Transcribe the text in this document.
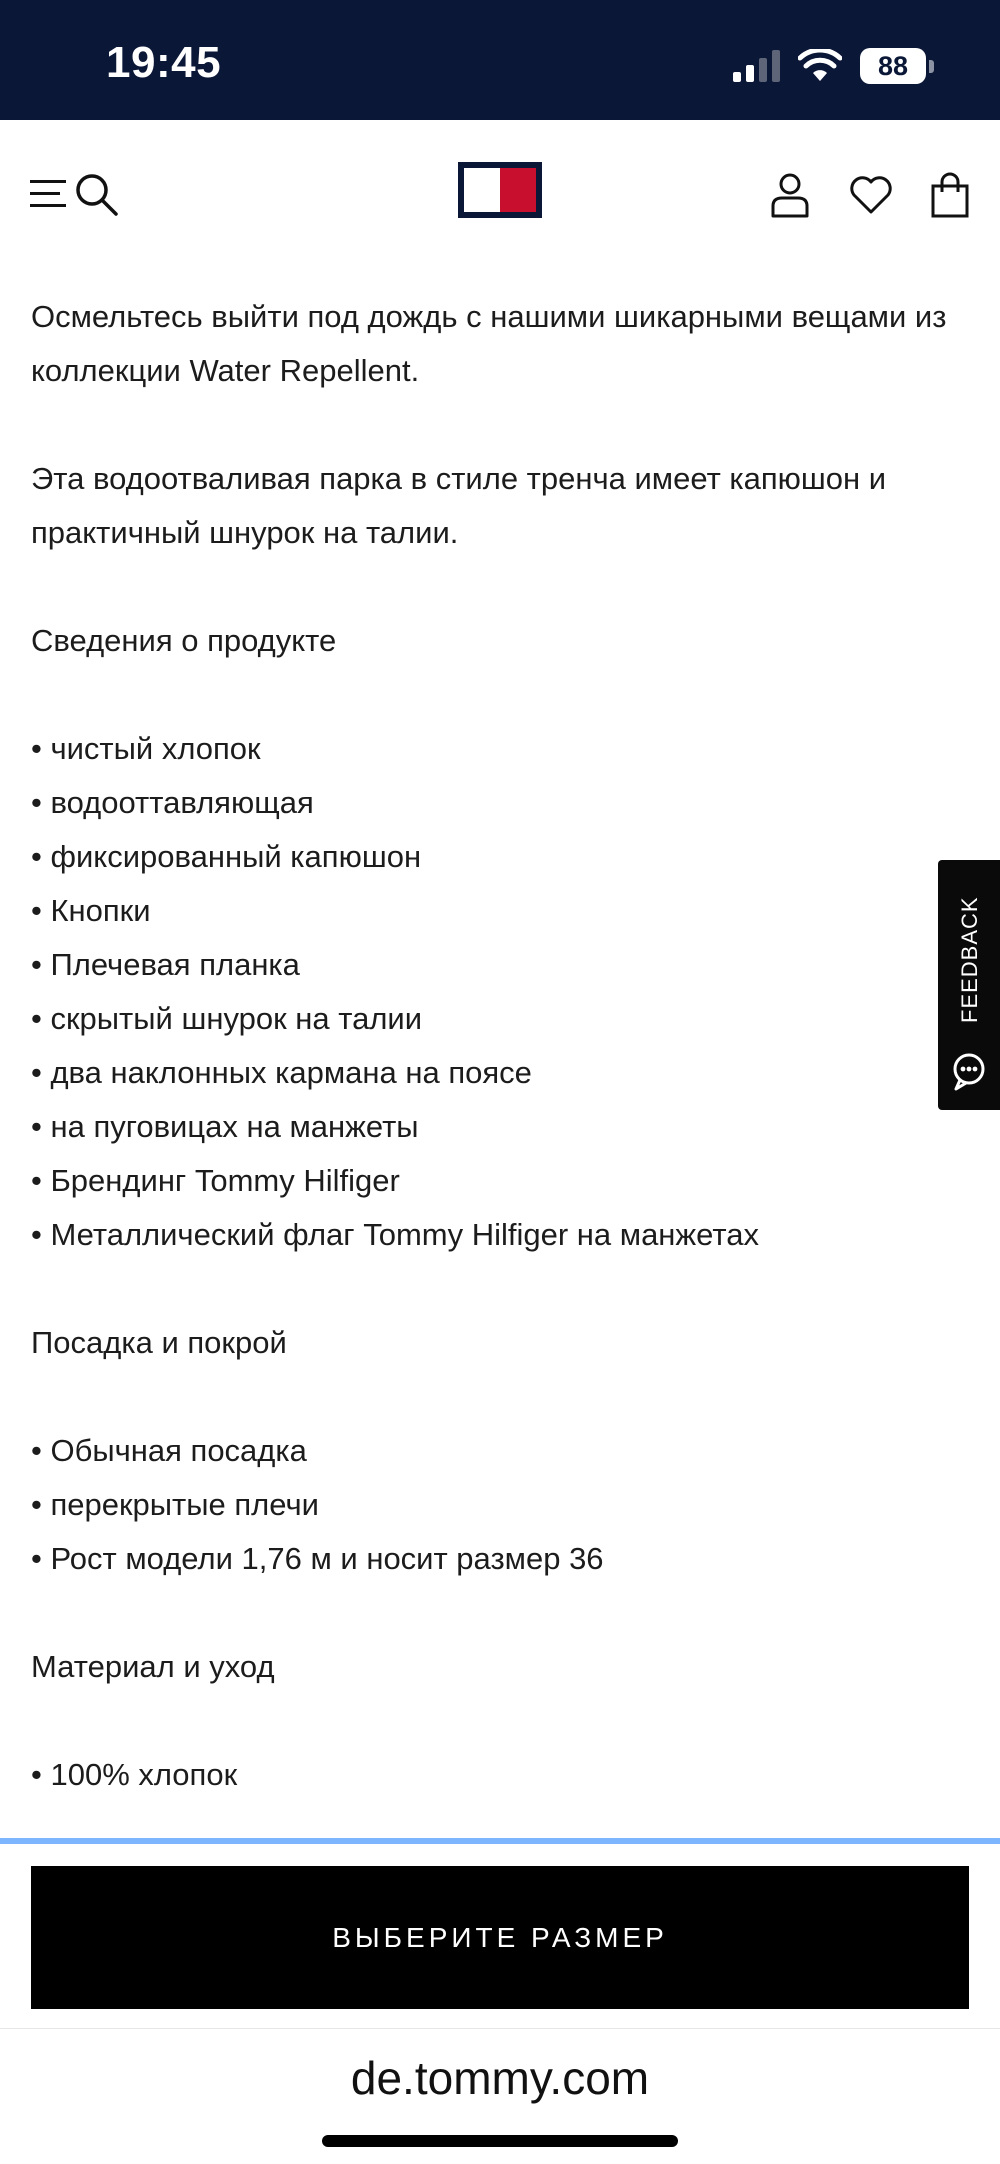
19:45	88

Осмельтесь выйти под дождь с нашими шикарными вещами из коллекции Water Repellent.

Эта водоотваливая парка в стиле тренча имеет капюшон и практичный шнурок на талии.

Сведения о продукте

• чистый хлопок

• водооттавляющая

• фиксированный капюшон

• Кнопки

• Плечевая планка

• скрытый шнурок на талии

• два наклонных кармана на поясе

• на пуговицах на манжеты

• Брендинг Tommy Hilfiger

• Металлический флаг Tommy Hilfiger на манжетах

Посадка и покрой

• Обычная посадка

• перекрытые плечи

• Рост модели 1,76 м и носит размер 36

Материал и уход

• 100% хлопок

FEEDBACK
ВЫБЕРИТЕ РАЗМЕР
de.tommy.com
